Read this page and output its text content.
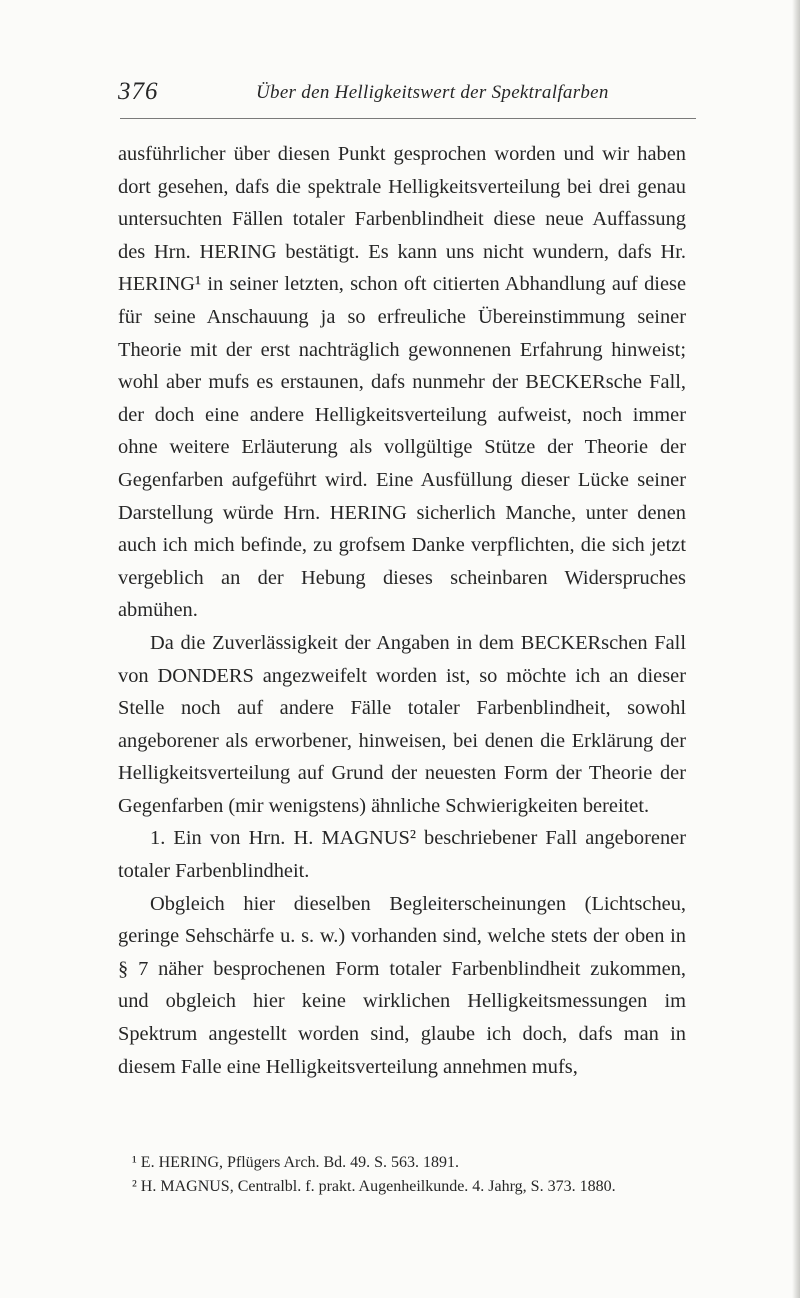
376	Über den Helligkeitswert der Spektralfarben

ausführlicher über diesen Punkt gesprochen worden und wir haben dort gesehen, dafs die spektrale Helligkeitsverteilung bei drei genau untersuchten Fällen totaler Farbenblindheit diese neue Auffassung des Hrn. HERING bestätigt. Es kann uns nicht wundern, dafs Hr. HERING¹ in seiner letzten, schon oft citierten Abhandlung auf diese für seine Anschauung ja so erfreuliche Übereinstimmung seiner Theorie mit der erst nachträglich gewonnenen Erfahrung hinweist; wohl aber mufs es erstaunen, dafs nunmehr der BECKERsche Fall, der doch eine andere Helligkeitsverteilung aufweist, noch immer ohne weitere Erläuterung als vollgültige Stütze der Theorie der Gegenfarben aufgeführt wird. Eine Ausfüllung dieser Lücke seiner Darstellung würde Hrn. HERING sicherlich Manche, unter denen auch ich mich befinde, zu grofsem Danke verpflichten, die sich jetzt vergeblich an der Hebung dieses scheinbaren Widerspruches abmühen.

Da die Zuverlässigkeit der Angaben in dem BECKERschen Fall von DONDERS angezweifelt worden ist, so möchte ich an dieser Stelle noch auf andere Fälle totaler Farbenblindheit, sowohl angeborener als erworbener, hinweisen, bei denen die Erklärung der Helligkeitsverteilung auf Grund der neuesten Form der Theorie der Gegenfarben (mir wenigstens) ähnliche Schwierigkeiten bereitet.

1. Ein von Hrn. H. MAGNUS² beschriebener Fall angeborener totaler Farbenblindheit.

Obgleich hier dieselben Begleiterscheinungen (Lichtscheu, geringe Sehschärfe u. s. w.) vorhanden sind, welche stets der oben in § 7 näher besprochenen Form totaler Farbenblindheit zukommen, und obgleich hier keine wirklichen Helligkeitsmessungen im Spektrum angestellt worden sind, glaube ich doch, dafs man in diesem Falle eine Helligkeitsverteilung annehmen mufs,

¹ E. HERING, Pflügers Arch. Bd. 49. S. 563. 1891.

² H. MAGNUS, Centralbl. f. prakt. Augenheilkunde. 4. Jahrg, S. 373. 1880.
